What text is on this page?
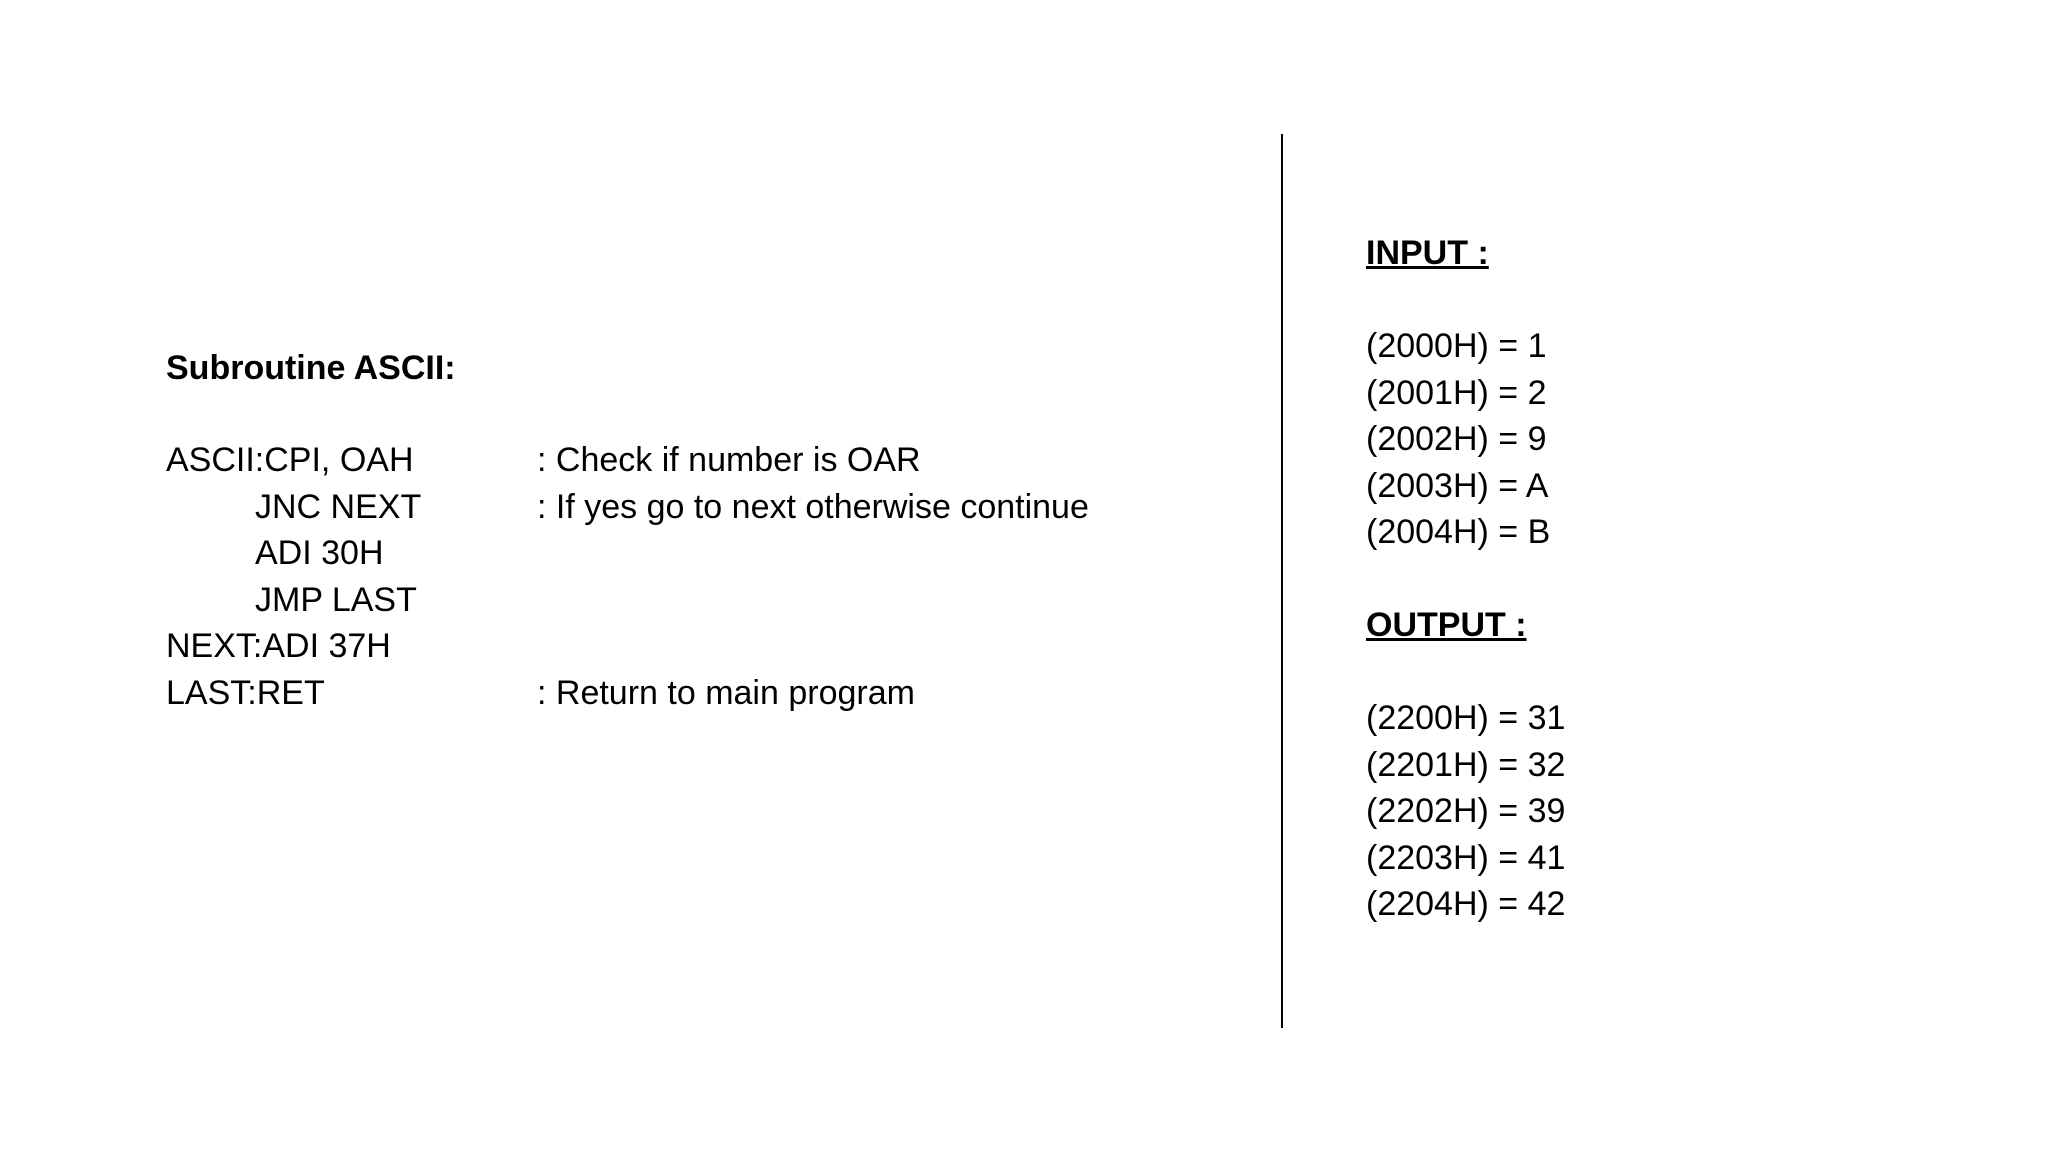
Subroutine ASCII:
ASCII:CPI, OAH	: Check if number is OAR
JNC NEXT	: If yes go to next otherwise continue
ADI 30H
JMP LAST
NEXT:ADI 37H
LAST:RET	: Return to main program
INPUT :
(2000H) = 1
(2001H) = 2
(2002H) = 9
(2003H) = A
(2004H) = B
OUTPUT :
(2200H) = 31
(2201H) = 32
(2202H) = 39
(2203H) = 41
(2204H) = 42
